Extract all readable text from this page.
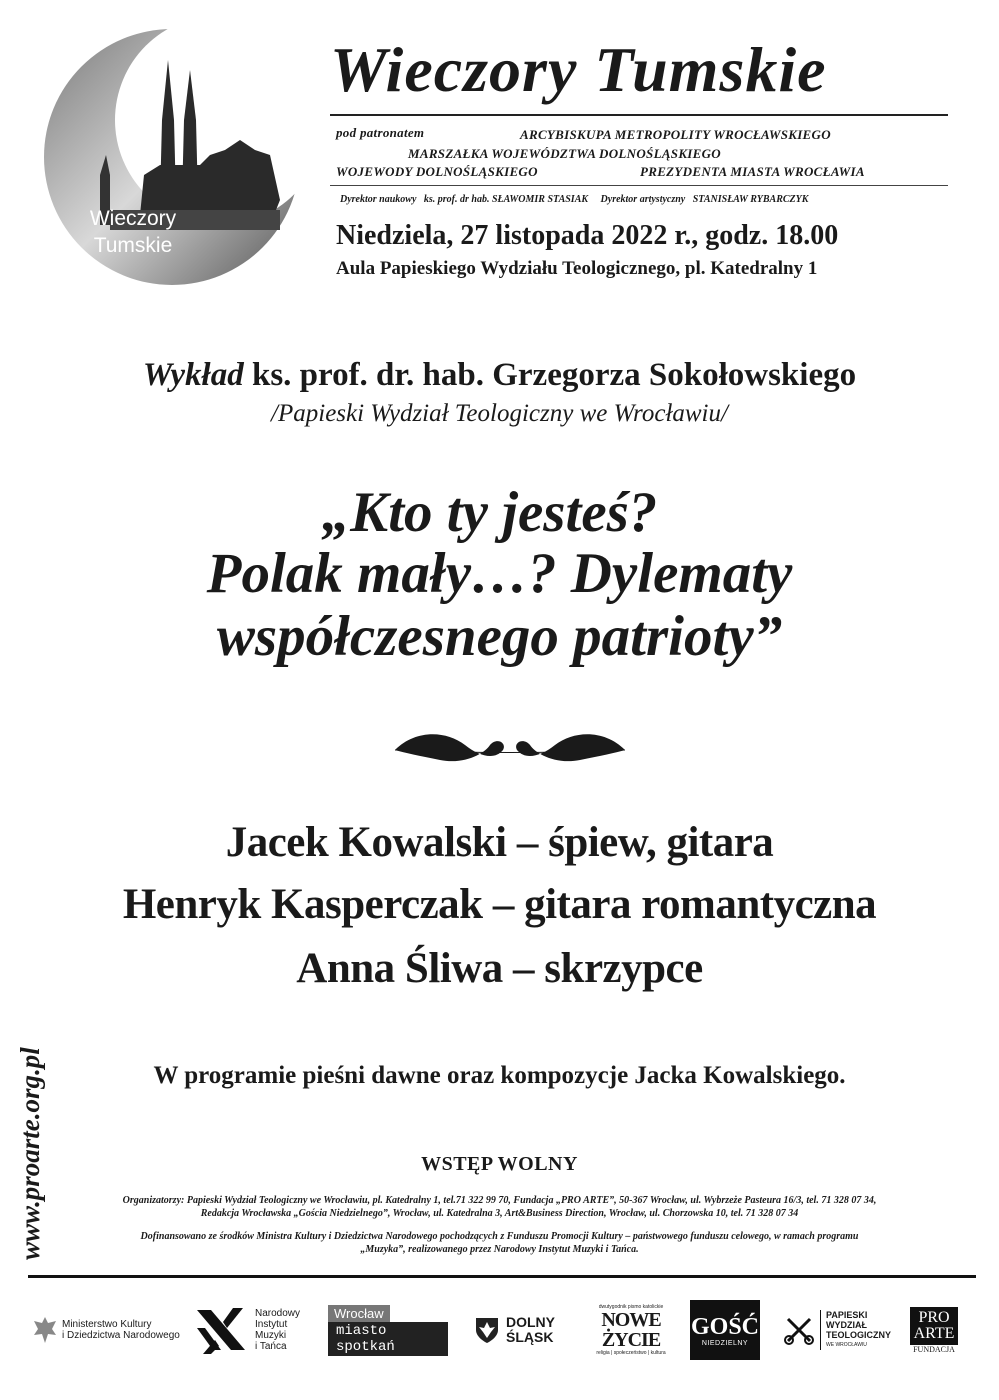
Wieczory
Tumskie
Wieczory Tumskie
pod patronatem	ARCYBISKUPA METROPOLITY WROCŁAWSKIEGO
MARSZAŁKA WOJEWÓDZTWA DOLNOŚLĄSKIEGO
WOJEWODY DOLNOŚLĄSKIEGO	PREZYDENTA MIASTA WROCŁAWIA
Dyrektor naukowy   ks. prof. dr hab. SŁAWOMIR STASIAK     Dyrektor artystyczny   STANISŁAW RYBARCZYK
Niedziela, 27 listopada 2022 r., godz. 18.00
Aula Papieskiego Wydziału Teologicznego, pl. Katedralny 1
Wykład ks. prof. dr. hab. Grzegorza Sokołowskiego
/Papieski Wydział Teologiczny we Wrocławiu/
„Kto ty jesteś?
Polak mały…? Dylematy
współczesnego patrioty”
Jacek Kowalski – śpiew, gitara
Henryk Kasperczak – gitara romantyczna
Anna Śliwa – skrzypce
W programie pieśni dawne oraz kompozycje Jacka Kowalskiego.
www.proarte.org.pl	WSTĘP WOLNY
Organizatorzy: Papieski Wydział Teologiczny we Wrocławiu, pl. Katedralny 1, tel.71 322 99 70, Fundacja „PRO ARTE”, 50-367 Wrocław, ul. Wybrzeże Pasteura 16/3, tel. 71 328 07 34,
Redakcja Wrocławska „Gościa Niedzielnego”, Wrocław, ul. Katedralna 3, Art&Business Direction, Wrocław, ul. Chorzowska 10, tel. 71 328 07 34
Dofinansowano ze środków Ministra Kultury i Dziedzictwa Narodowego pochodzących z Funduszu Promocji Kultury – państwowego funduszu celowego, w ramach programu
„Muzyka”, realizowanego przez Narodowy Instytut Muzyki i Tańca.
Ministerstwo Kultury
i Dziedzictwa Narodowego
Narodowy
Instytut
Muzyki
i Tańca
Wrocław
miasto spotkań
DOLNY
ŚLĄSK
dwutygodnik pismo katolickie
NOWE
ŻYCIE
religia | społeczeństwo | kultura
GOŚĆ
NIEDZIELNY
PAPIESKI
WYDZIAŁ
TEOLOGICZNY
WE WROCŁAWIU
PRO
ARTE
FUNDACJA
